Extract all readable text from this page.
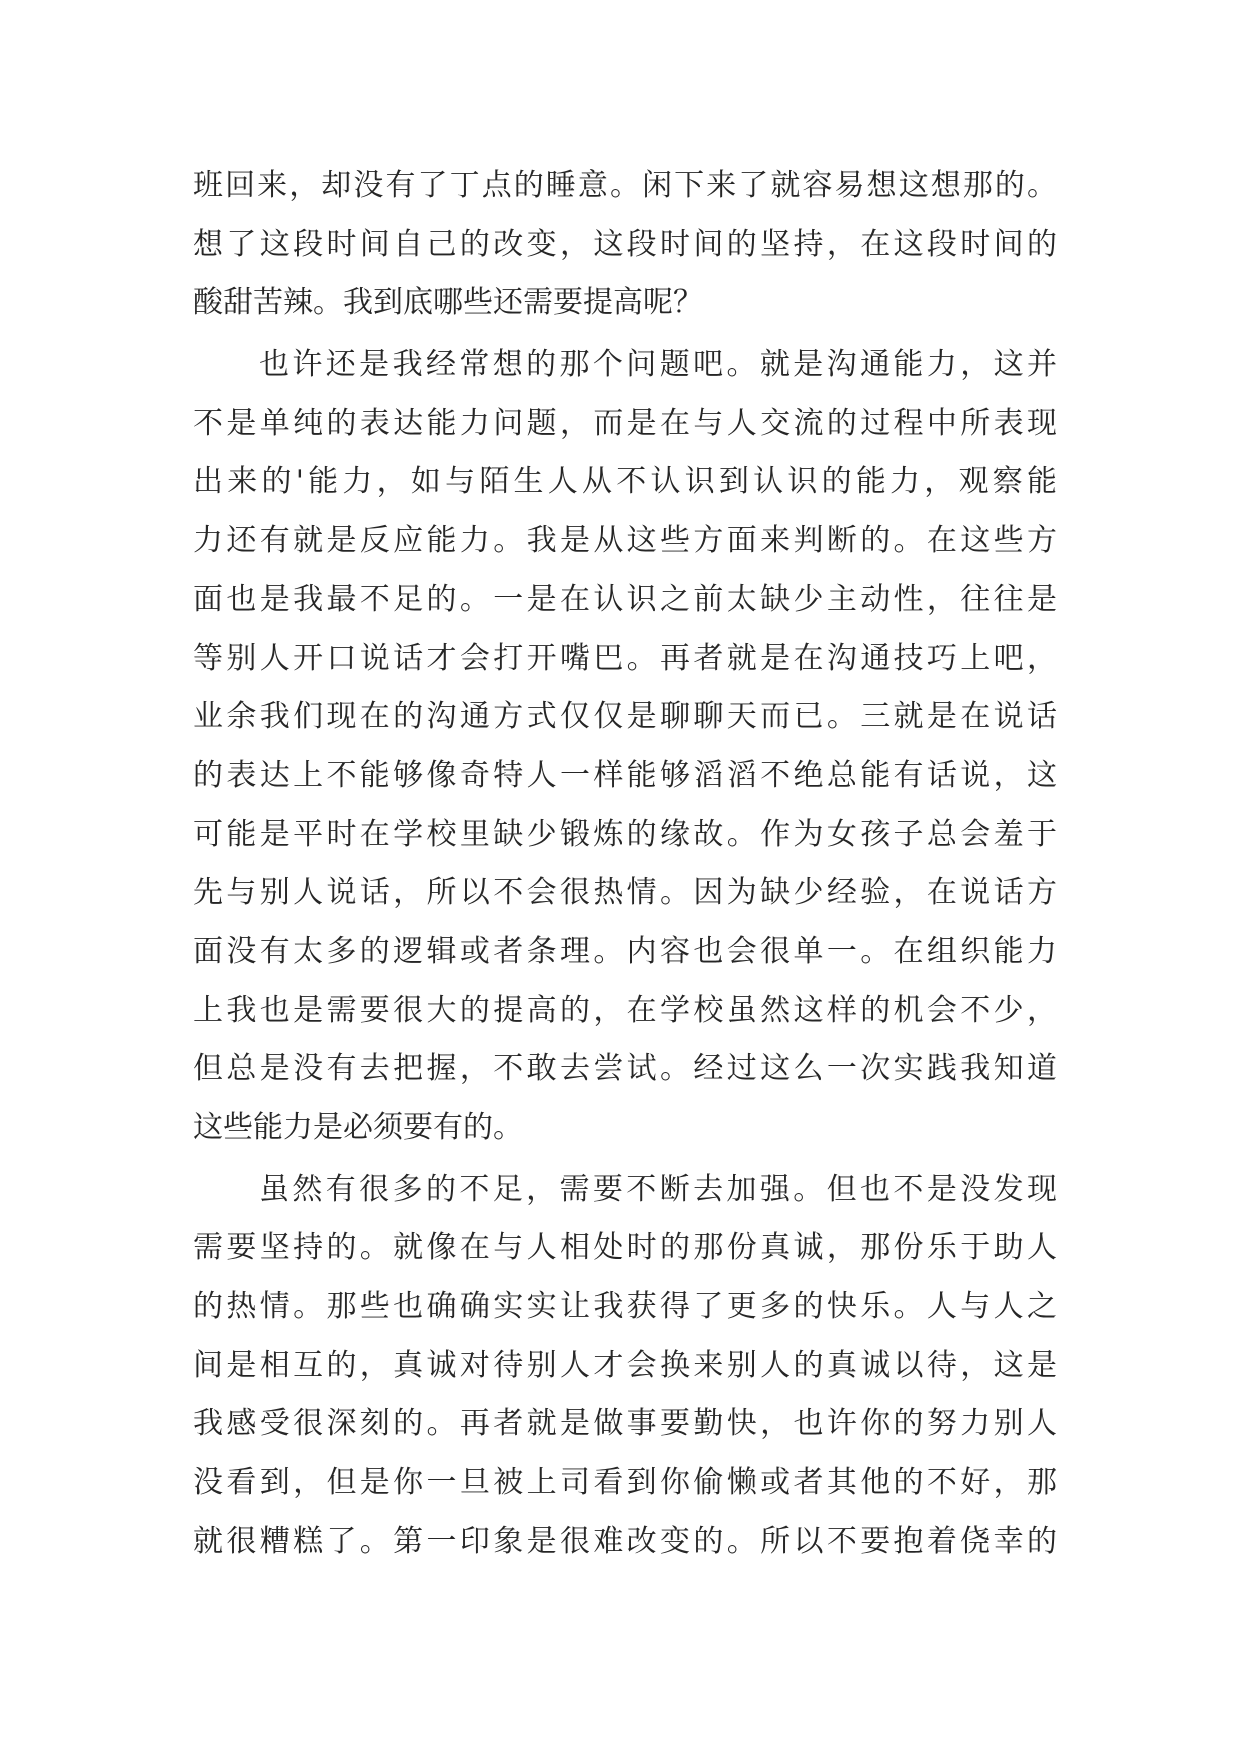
班回来，却没有了丁点的睡意。闲下来了就容易想这想那的。
想了这段时间自己的改变，这段时间的坚持，在这段时间的
酸甜苦辣。我到底哪些还需要提高呢？
也许还是我经常想的那个问题吧。就是沟通能力，这并
不是单纯的表达能力问题，而是在与人交流的过程中所表现
出来的'能力，如与陌生人从不认识到认识的能力，观察能
力还有就是反应能力。我是从这些方面来判断的。在这些方
面也是我最不足的。一是在认识之前太缺少主动性，往往是
等别人开口说话才会打开嘴巴。再者就是在沟通技巧上吧，
业余我们现在的沟通方式仅仅是聊聊天而已。三就是在说话
的表达上不能够像奇特人一样能够滔滔不绝总能有话说，这
可能是平时在学校里缺少锻炼的缘故。作为女孩子总会羞于
先与别人说话，所以不会很热情。因为缺少经验，在说话方
面没有太多的逻辑或者条理。内容也会很单一。在组织能力
上我也是需要很大的提高的，在学校虽然这样的机会不少，
但总是没有去把握，不敢去尝试。经过这么一次实践我知道
这些能力是必须要有的。
虽然有很多的不足，需要不断去加强。但也不是没发现
需要坚持的。就像在与人相处时的那份真诚，那份乐于助人
的热情。那些也确确实实让我获得了更多的快乐。人与人之
间是相互的，真诚对待别人才会换来别人的真诚以待，这是
我感受很深刻的。再者就是做事要勤快，也许你的努力别人
没看到，但是你一旦被上司看到你偷懒或者其他的不好，那
就很糟糕了。第一印象是很难改变的。所以不要抱着侥幸的
